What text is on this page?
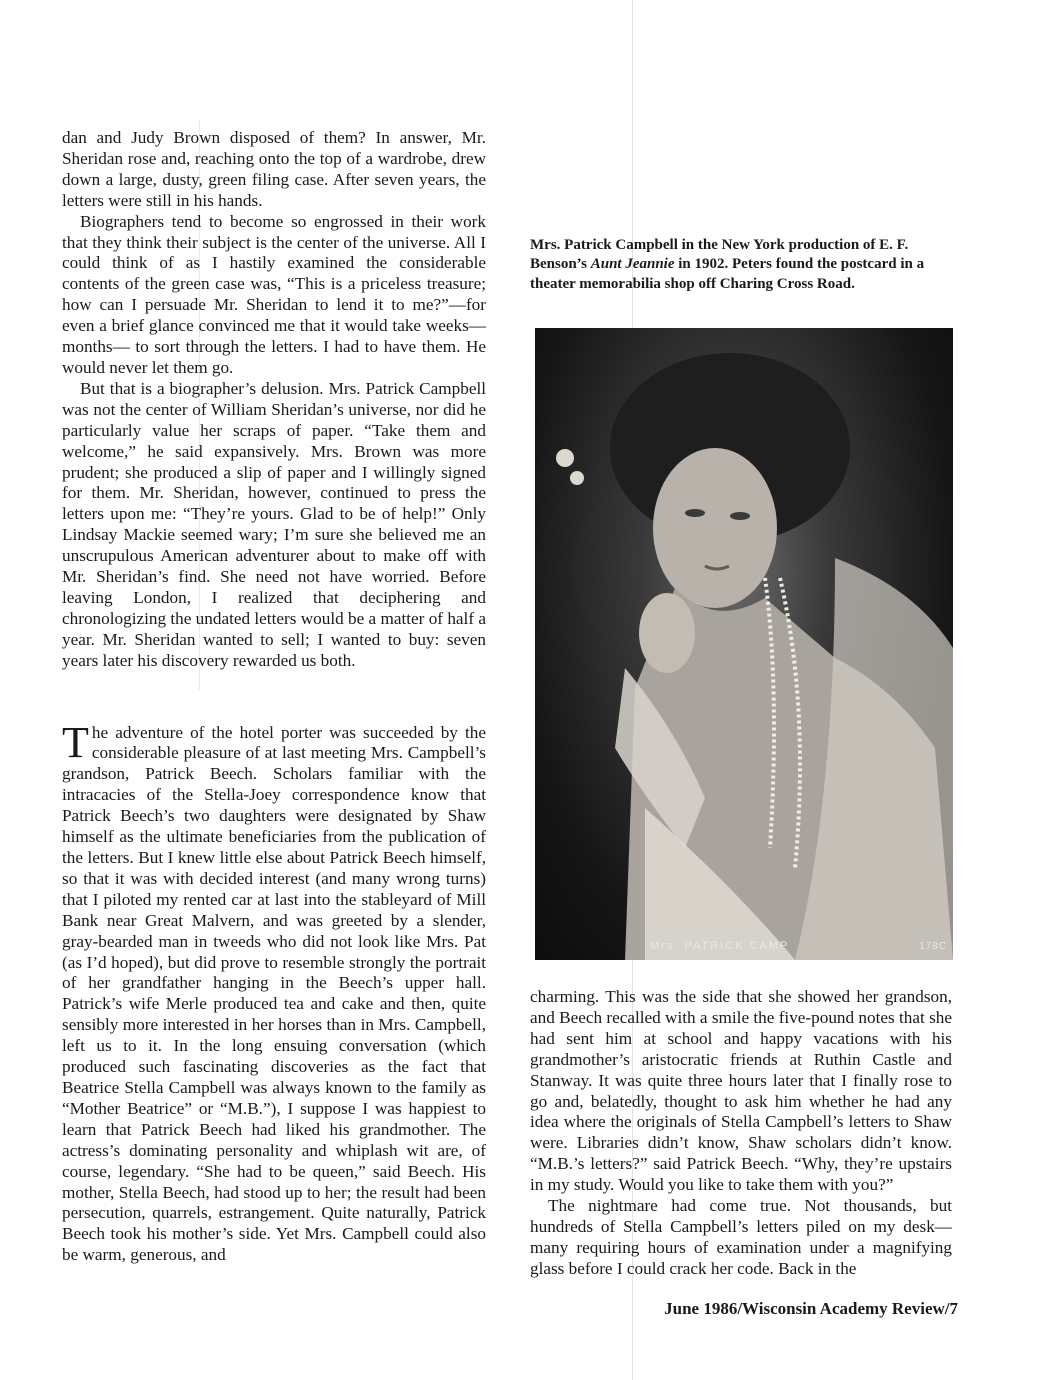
dan and Judy Brown disposed of them? In answer, Mr. Sheridan rose and, reaching onto the top of a wardrobe, drew down a large, dusty, green filing case. After seven years, the letters were still in his hands.

Biographers tend to become so engrossed in their work that they think their subject is the center of the universe. All I could think of as I hastily examined the considerable contents of the green case was, “This is a priceless treasure; how can I persuade Mr. Sheridan to lend it to me?”—for even a brief glance convinced me that it would take weeks—months— to sort through the letters. I had to have them. He would never let them go.

But that is a biographer’s delusion. Mrs. Patrick Campbell was not the center of William Sheridan’s universe, nor did he particularly value her scraps of paper. “Take them and welcome,” he said expansively. Mrs. Brown was more prudent; she produced a slip of paper and I willingly signed for them. Mr. Sheridan, however, continued to press the letters upon me: “They’re yours. Glad to be of help!” Only Lindsay Mackie seemed wary; I’m sure she believed me an unscrupulous American adventurer about to make off with Mr. Sheridan’s find. She need not have worried. Before leaving London, I realized that deciphering and chronologizing the undated letters would be a matter of half a year. Mr. Sheridan wanted to sell; I wanted to buy: seven years later his discovery rewarded us both.

The adventure of the hotel porter was succeeded by the considerable pleasure of at last meeting Mrs. Campbell’s grandson, Patrick Beech. Scholars familiar with the intracacies of the Stella-Joey correspondence know that Patrick Beech’s two daughters were designated by Shaw himself as the ultimate beneficiaries from the publication of the letters. But I knew little else about Patrick Beech himself, so that it was with decided interest (and many wrong turns) that I piloted my rented car at last into the stableyard of Mill Bank near Great Malvern, and was greeted by a slender, gray-bearded man in tweeds who did not look like Mrs. Pat (as I’d hoped), but did prove to resemble strongly the portrait of her grandfather hanging in the Beech’s upper hall. Patrick’s wife Merle produced tea and cake and then, quite sensibly more interested in her horses than in Mrs. Campbell, left us to it. In the long ensuing conversation (which produced such fascinating discoveries as the fact that Beatrice Stella Campbell was always known to the family as “Mother Beatrice” or “M.B.”), I suppose I was happiest to learn that Patrick Beech had liked his grandmother. The actress’s dominating personality and whiplash wit are, of course, legendary. “She had to be queen,” said Beech. His mother, Stella Beech, had stood up to her; the result had been persecution, quarrels, estrangement. Quite naturally, Patrick Beech took his mother’s side. Yet Mrs. Campbell could also be warm, generous, and

Mrs. Patrick Campbell in the New York production of E. F. Benson’s Aunt Jeannie in 1902. Peters found the postcard in a theater memorabilia shop off Charing Cross Road.
Mrs. PATRICK CAMP	178C

charming. This was the side that she showed her grandson, and Beech recalled with a smile the five-pound notes that she had sent him at school and happy vacations with his grandmother’s aristocratic friends at Ruthin Castle and Stanway. It was quite three hours later that I finally rose to go and, belatedly, thought to ask him whether he had any idea where the originals of Stella Campbell’s letters to Shaw were. Libraries didn’t know, Shaw scholars didn’t know. “M.B.’s letters?” said Patrick Beech. “Why, they’re upstairs in my study. Would you like to take them with you?”

The nightmare had come true. Not thousands, but hundreds of Stella Campbell’s letters piled on my desk—many requiring hours of examination under a magnifying glass before I could crack her code. Back in the

June 1986/Wisconsin Academy Review/7
